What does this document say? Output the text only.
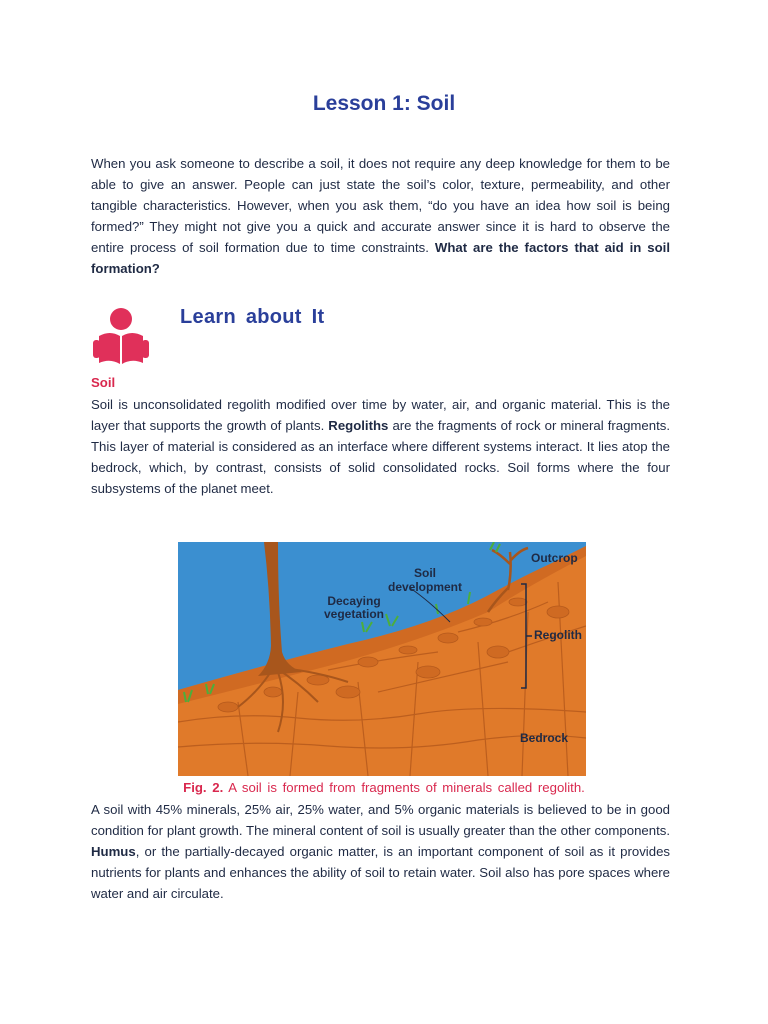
Lesson 1: Soil

When you ask someone to describe a soil, it does not require any deep knowledge for them to be able to give an answer. People can just state the soil’s color, texture, permeability, and other tangible characteristics. However, when you ask them, “do you have an idea how soil is being formed?” They might not give you a quick and accurate answer since it is hard to observe the entire process of soil formation due to time constraints. What are the factors that aid in soil formation?

Learn about It
Soil

Soil is unconsolidated regolith modified over time by water, air, and organic material. This is the layer that supports the growth of plants. Regoliths are the fragments of rock or mineral fragments. This layer of material is considered as an interface where different systems interact. It lies atop the bedrock, which, by contrast, consists of solid consolidated rocks. Soil forms where the four subsystems of the planet meet.

Outcrop
Soil
development
Decaying
vegetation
Regolith
Bedrock

Fig. 2. A soil is formed from fragments of minerals called regolith.

A soil with 45% minerals, 25% air, 25% water, and 5% organic materials is believed to be in good condition for plant growth. The mineral content of soil is usually greater than the other components. Humus, or the partially-decayed organic matter, is an important component of soil as it provides nutrients for plants and enhances the ability of soil to retain water. Soil also has pore spaces where water and air circulate.
